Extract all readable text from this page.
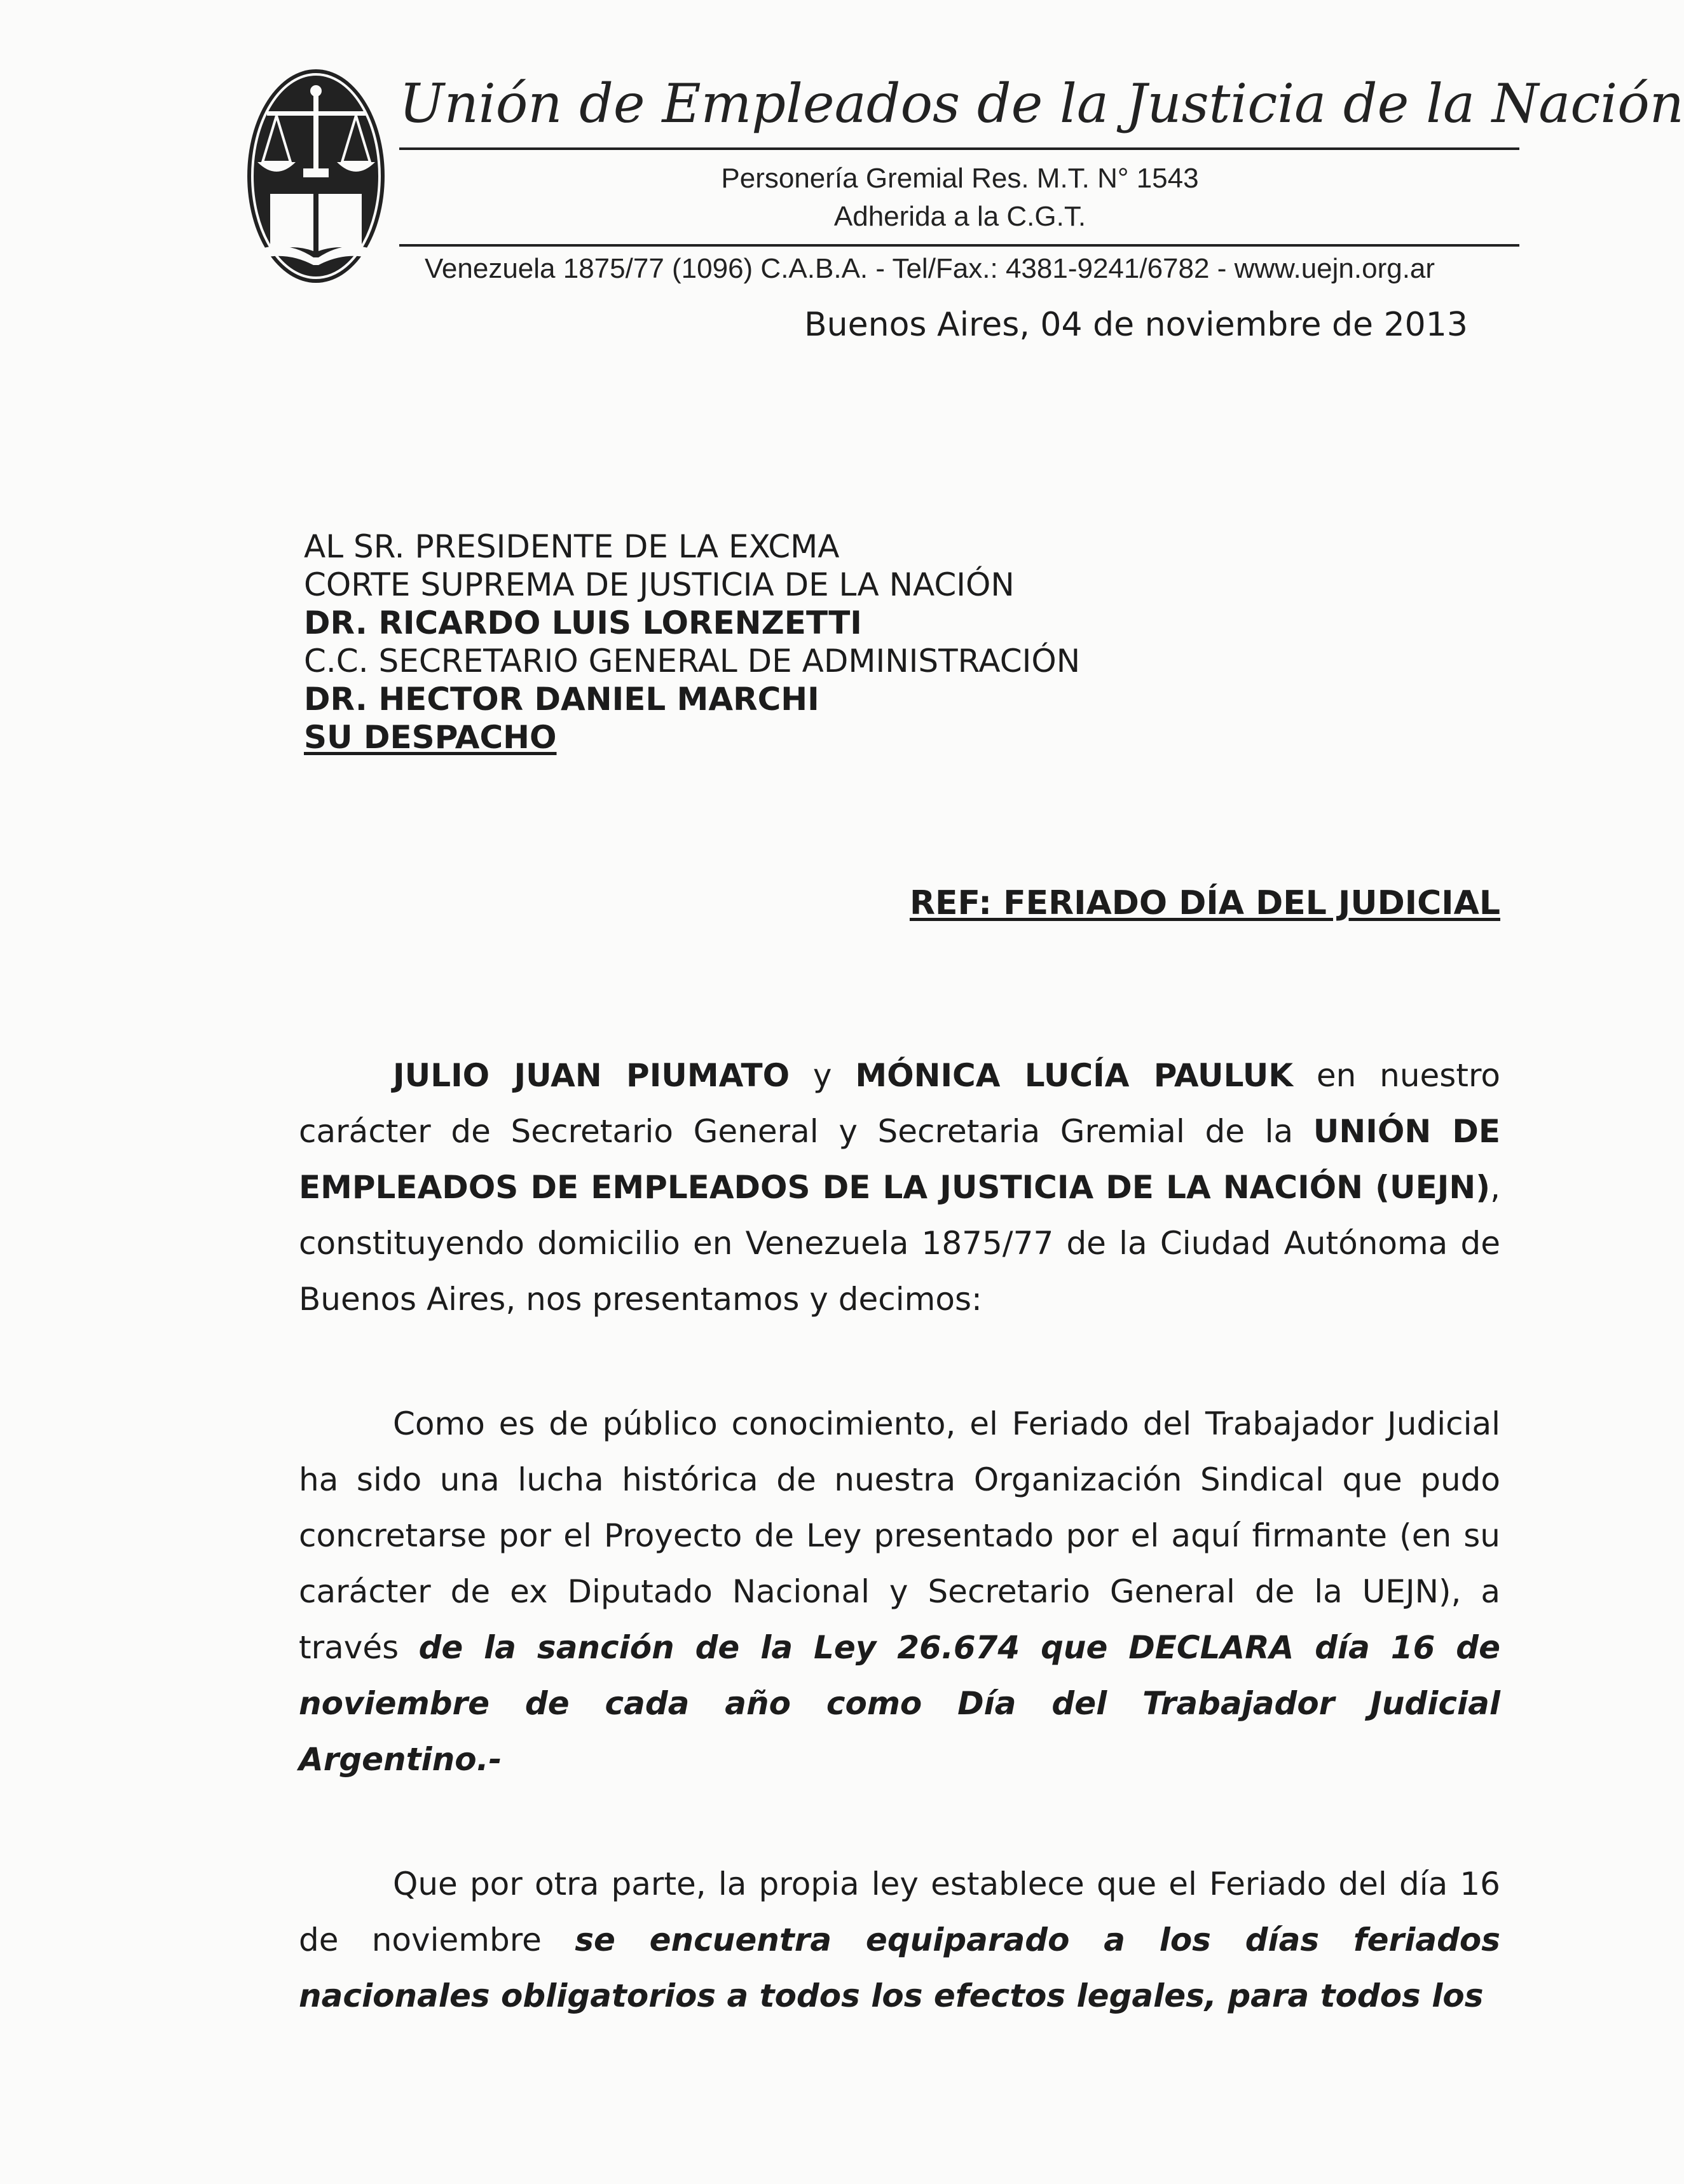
Unión de Empleados de la Justicia de la Nación
Personería Gremial Res. M.T. N° 1543
Adherida a la C.G.T.
Venezuela 1875/77 (1096) C.A.B.A. - Tel/Fax.: 4381-9241/6782 - www.uejn.org.ar
Buenos Aires, 04 de noviembre de 2013
AL SR. PRESIDENTE DE LA EXCMA
CORTE SUPREMA DE JUSTICIA DE LA NACIÓN
DR. RICARDO LUIS LORENZETTI
C.C. SECRETARIO GENERAL DE ADMINISTRACIÓN
DR. HECTOR DANIEL MARCHI
SU DESPACHO
REF: FERIADO DÍA DEL JUDICIAL
JULIO JUAN PIUMATO y MÓNICA LUCÍA PAULUK en nuestro carácter de Secretario General y Secretaria Gremial de la UNIÓN DE EMPLEADOS DE EMPLEADOS DE LA JUSTICIA DE LA NACIÓN (UEJN), constituyendo domicilio en Venezuela 1875/77 de la Ciudad Autónoma de Buenos Aires, nos presentamos y decimos:
Como es de público conocimiento, el Feriado del Trabajador Judicial ha sido una lucha histórica de nuestra Organización Sindical que pudo concretarse por el Proyecto de Ley presentado por el aquí firmante (en su carácter de ex Diputado Nacional y Secretario General de la UEJN), a través de la sanción de la Ley 26.674 que DECLARA día 16 de noviembre de cada año como Día del Trabajador Judicial Argentino.-
Que por otra parte, la propia ley establece que el Feriado del día 16 de noviembre se encuentra equiparado a los días feriados nacionales obligatorios a todos los efectos legales, para todos los
